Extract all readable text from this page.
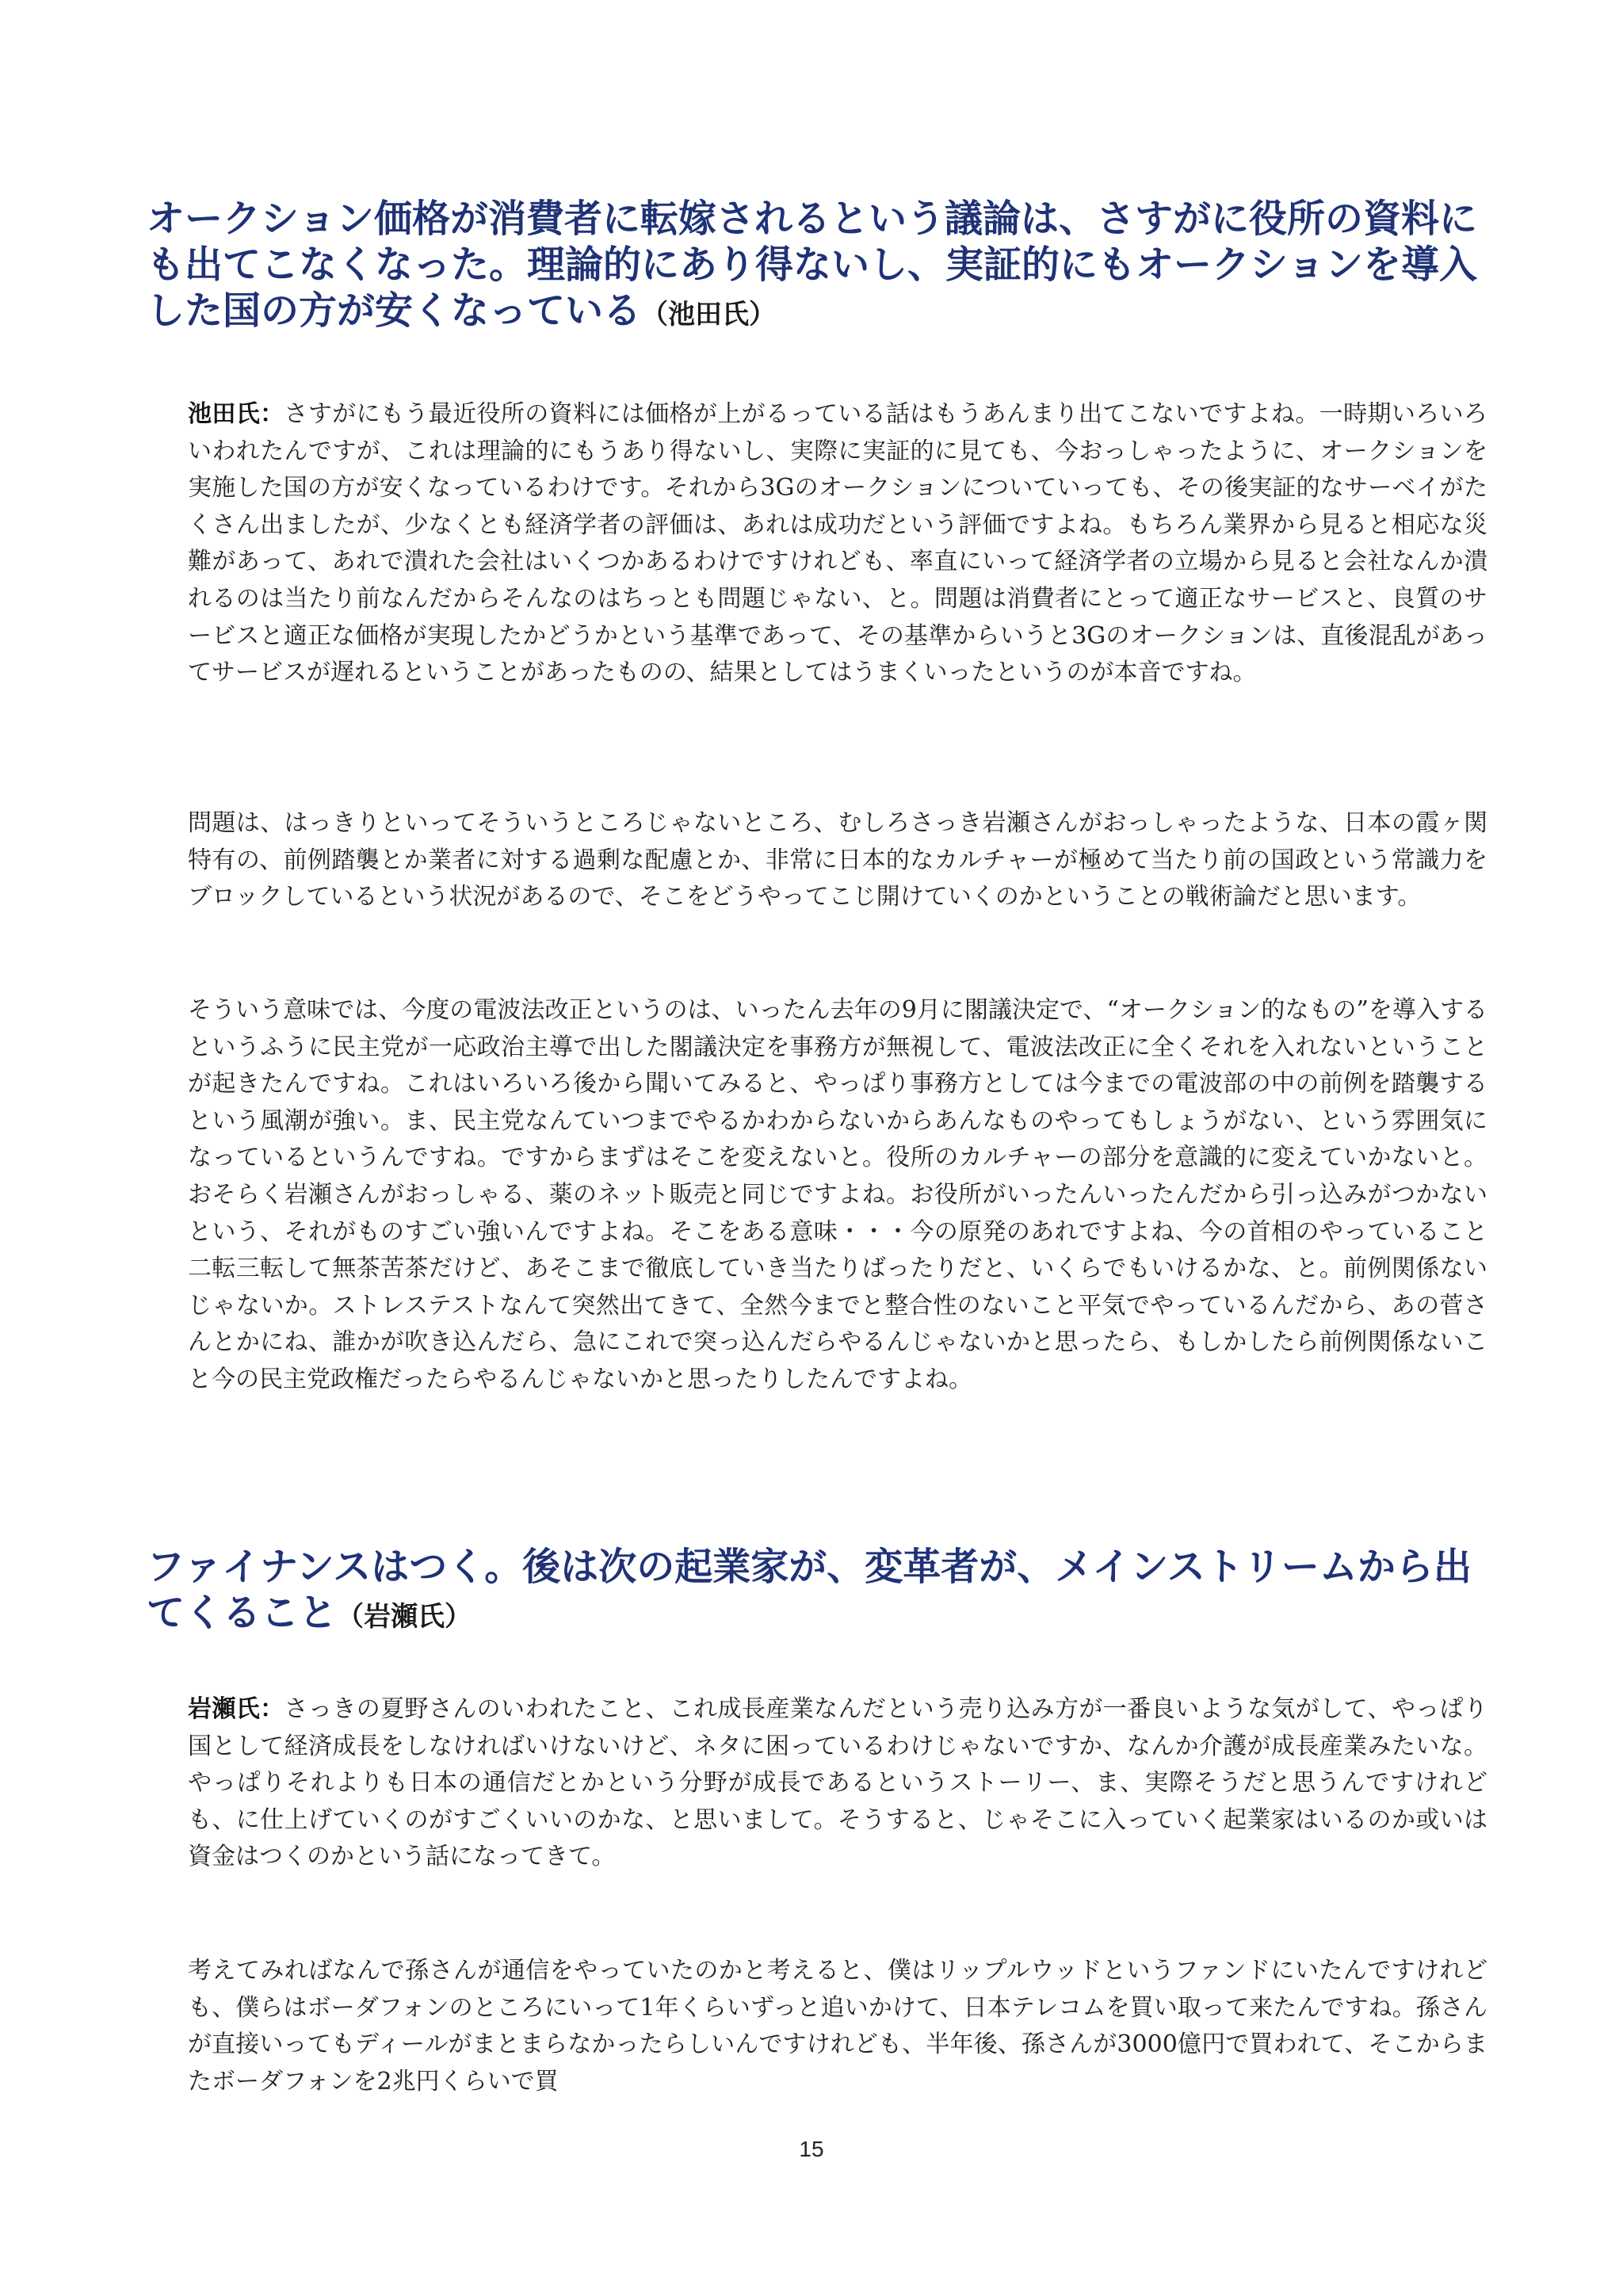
オークション価格が消費者に転嫁されるという議論は、さすがに役所の資料にも出てこなくなった。理論的にあり得ないし、実証的にもオークションを導入した国の方が安くなっている（池田氏）

池田氏：さすがにもう最近役所の資料には価格が上がるっている話はもうあんまり出てこないですよね。一時期いろいろいわれたんですが、これは理論的にもうあり得ないし、実際に実証的に見ても、今おっしゃったように、オークションを実施した国の方が安くなっているわけです。それから3Gのオークションについていっても、その後実証的なサーベイがたくさん出ましたが、少なくとも経済学者の評価は、あれは成功だという評価ですよね。もちろん業界から見ると相応な災難があって、あれで潰れた会社はいくつかあるわけですけれども、率直にいって経済学者の立場から見ると会社なんか潰れるのは当たり前なんだからそんなのはちっとも問題じゃない、と。問題は消費者にとって適正なサービスと、良質のサービスと適正な価格が実現したかどうかという基準であって、その基準からいうと3Gのオークションは、直後混乱があってサービスが遅れるということがあったものの、結果としてはうまくいったというのが本音ですね。

問題は、はっきりといってそういうところじゃないところ、むしろさっき岩瀬さんがおっしゃったような、日本の霞ヶ関特有の、前例踏襲とか業者に対する過剰な配慮とか、非常に日本的なカルチャーが極めて当たり前の国政という常識力をブロックしているという状況があるので、そこをどうやってこじ開けていくのかということの戦術論だと思います。

そういう意味では、今度の電波法改正というのは、いったん去年の9月に閣議決定で、“オークション的なもの”を導入するというふうに民主党が一応政治主導で出した閣議決定を事務方が無視して、電波法改正に全くそれを入れないということが起きたんですね。これはいろいろ後から聞いてみると、やっぱり事務方としては今までの電波部の中の前例を踏襲するという風潮が強い。ま、民主党なんていつまでやるかわからないからあんなものやってもしょうがない、という雰囲気になっているというんですね。ですからまずはそこを変えないと。役所のカルチャーの部分を意識的に変えていかないと。おそらく岩瀬さんがおっしゃる、薬のネット販売と同じですよね。お役所がいったんいったんだから引っ込みがつかないという、それがものすごい強いんですよね。そこをある意味・・・今の原発のあれですよね、今の首相のやっていること二転三転して無茶苦茶だけど、あそこまで徹底していき当たりばったりだと、いくらでもいけるかな、と。前例関係ないじゃないか。ストレステストなんて突然出てきて、全然今までと整合性のないこと平気でやっているんだから、あの菅さんとかにね、誰かが吹き込んだら、急にこれで突っ込んだらやるんじゃないかと思ったら、もしかしたら前例関係ないこと今の民主党政権だったらやるんじゃないかと思ったりしたんですよね。

ファイナンスはつく。後は次の起業家が、変革者が、メインストリームから出てくること（岩瀬氏）

岩瀬氏：さっきの夏野さんのいわれたこと、これ成長産業なんだという売り込み方が一番良いような気がして、やっぱり国として経済成長をしなければいけないけど、ネタに困っているわけじゃないですか、なんか介護が成長産業みたいな。やっぱりそれよりも日本の通信だとかという分野が成長であるというストーリー、ま、実際そうだと思うんですけれども、に仕上げていくのがすごくいいのかな、と思いまして。そうすると、じゃそこに入っていく起業家はいるのか或いは資金はつくのかという話になってきて。

考えてみればなんで孫さんが通信をやっていたのかと考えると、僕はリップルウッドというファンドにいたんですけれども、僕らはボーダフォンのところにいって1年くらいずっと追いかけて、日本テレコムを買い取って来たんですね。孫さんが直接いってもディールがまとまらなかったらしいんですけれども、半年後、孫さんが3000億円で買われて、そこからまたボーダフォンを2兆円くらいで買

15
